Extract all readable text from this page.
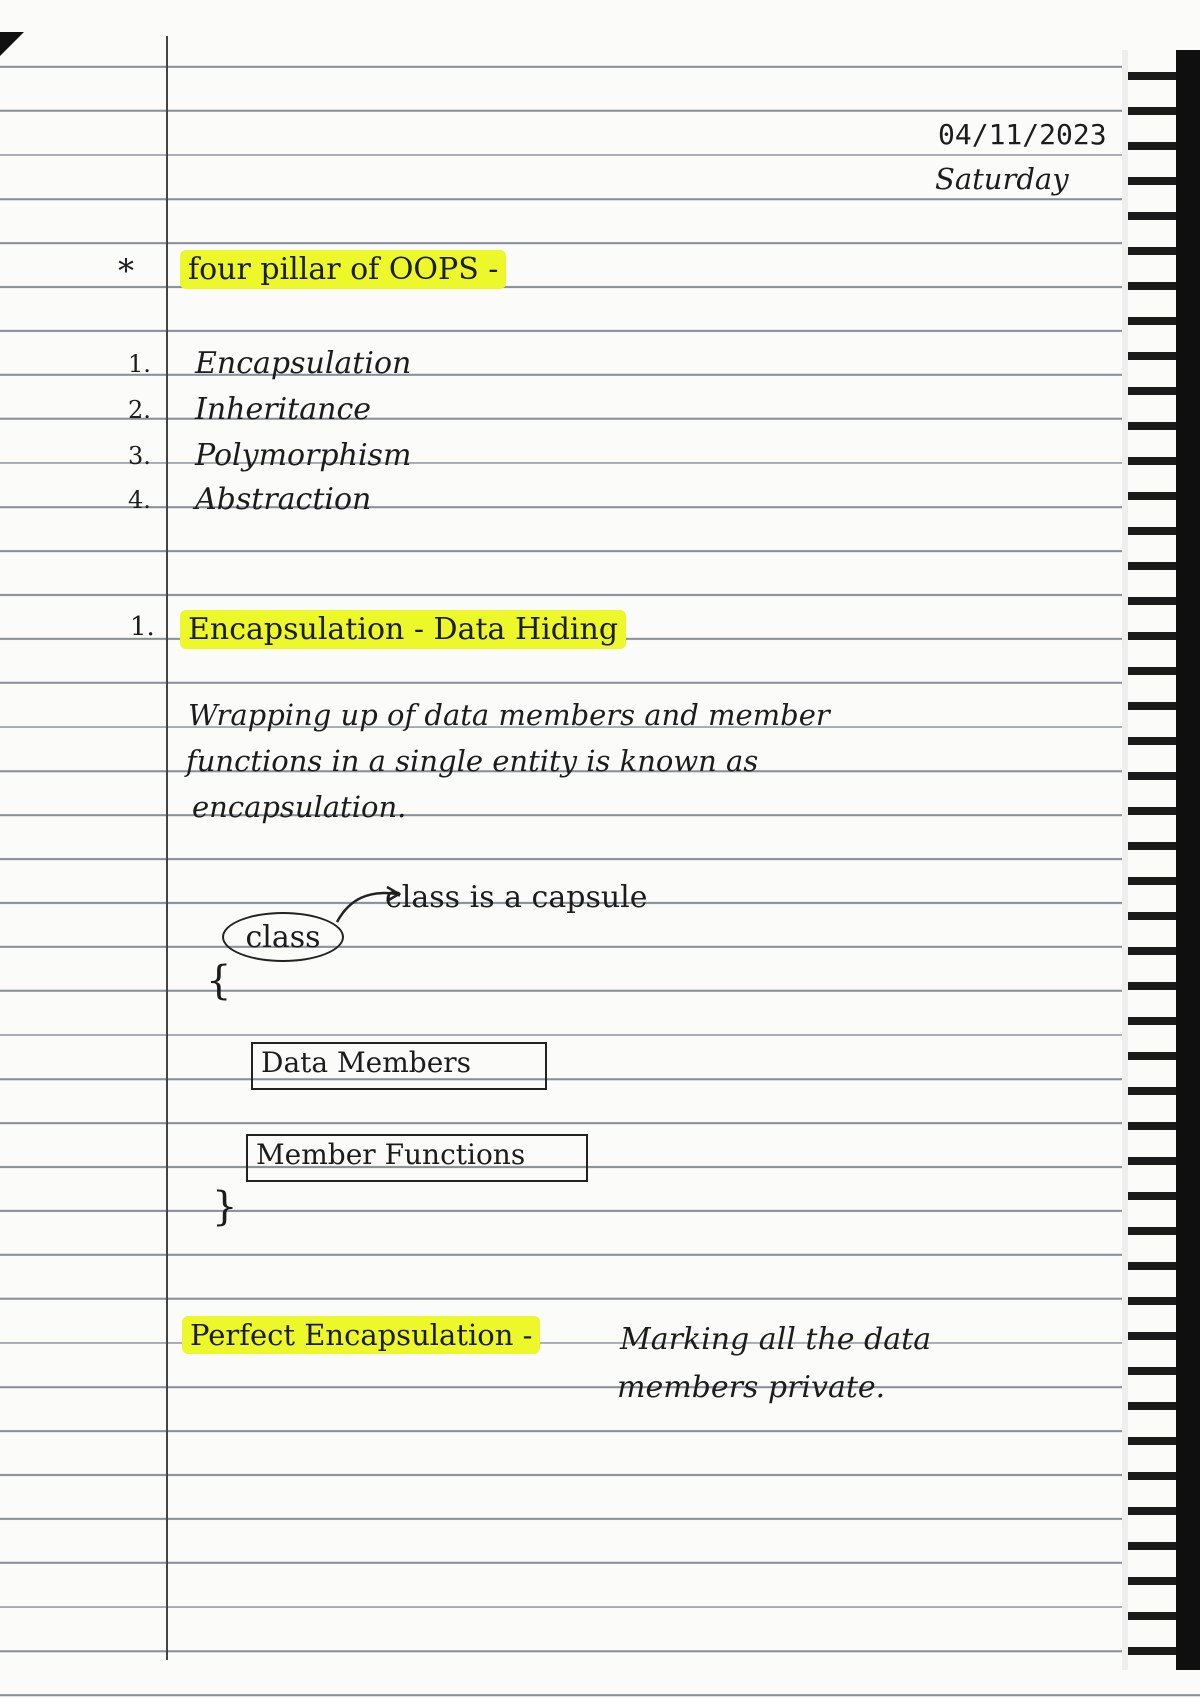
04/11/2023
Saturday
* four pillar of OOPS -
1. Encapsulation
2. Inheritance
3. Polymorphism
4. Abstraction
1. Encapsulation - Data Hiding
Wrapping up of data members and member
functions in a single entity is known as
encapsulation.
class is a capsule
class
{
Data Members
Member Functions
}
Perfect Encapsulation -	Marking all the data
members private.
